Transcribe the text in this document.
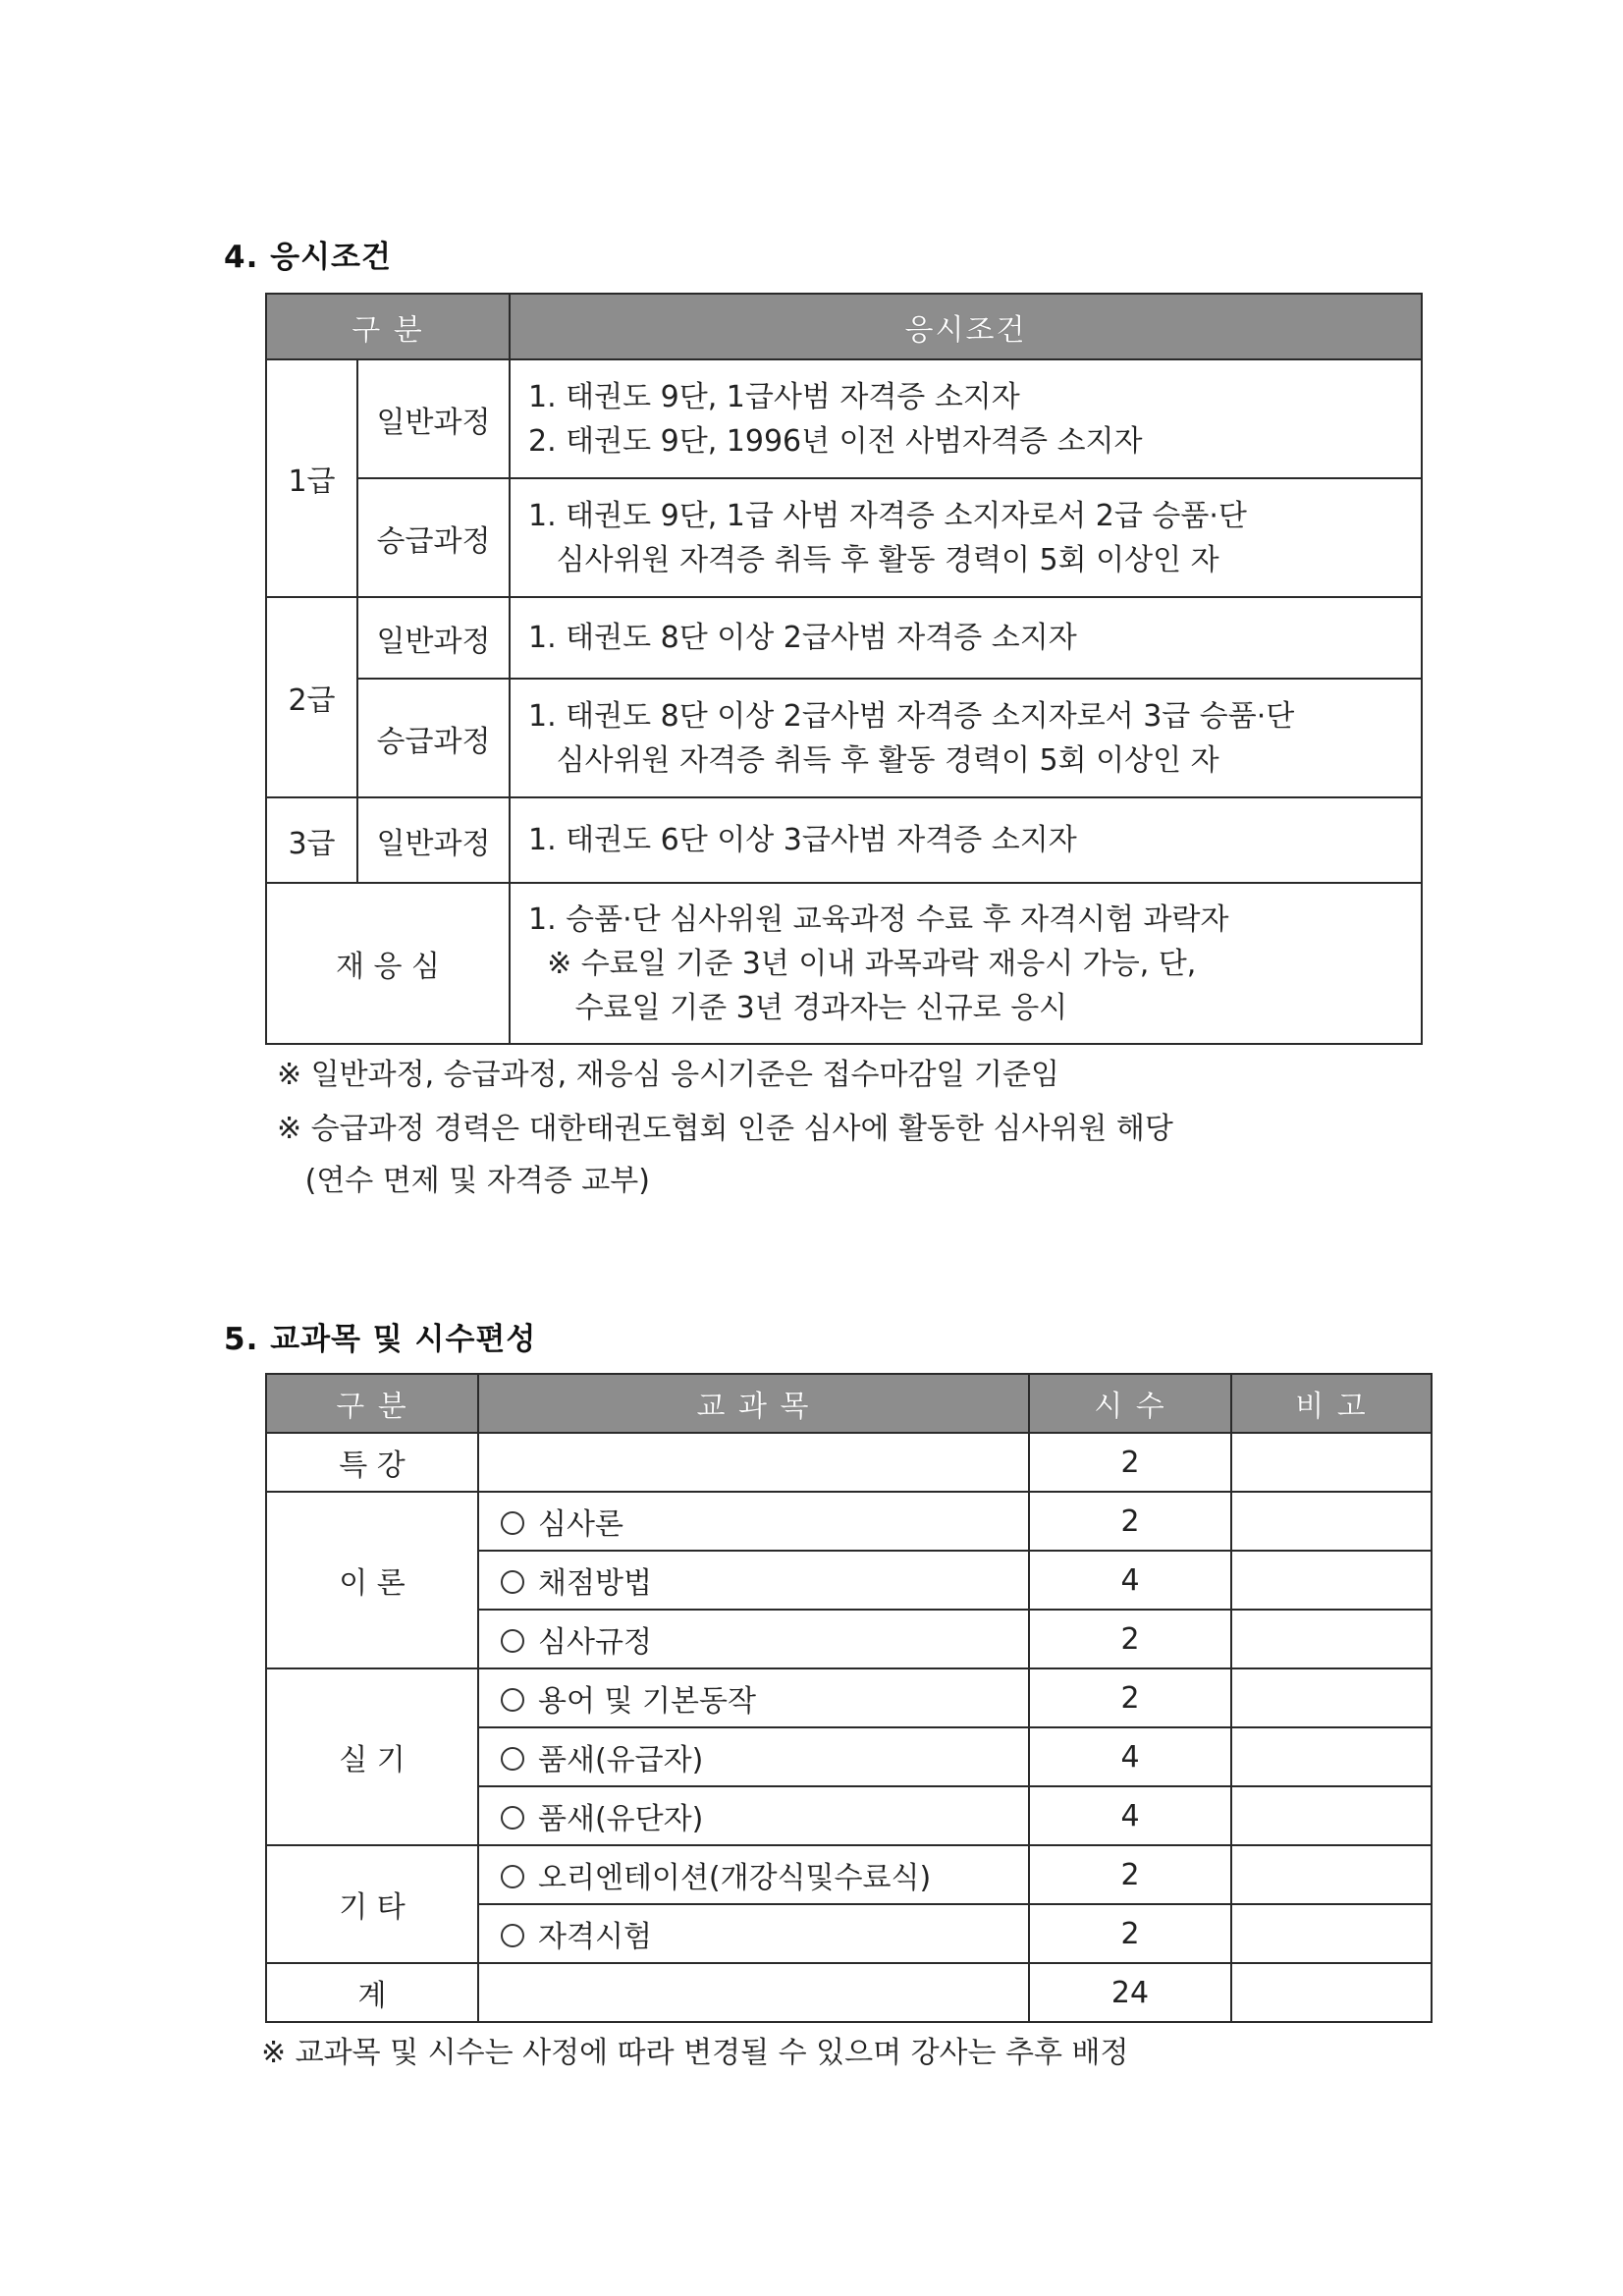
4. 응시조건
구 분		응시조건
1급	일반과정	1. 태권도 9단, 1급사범 자격증 소지자
2. 태권도 9단, 1996년 이전 사범자격증 소지자

	승급과정	1. 태권도 9단, 1급 사범 자격증 소지자로서 2급 승품·단
심사위원 자격증 취득 후 활동 경력이 5회 이상인 자

2급	일반과정	1. 태권도 8단 이상 2급사범 자격증 소지자

	승급과정	1. 태권도 8단 이상 2급사범 자격증 소지자로서 3급 승품·단
심사위원 자격증 취득 후 활동 경력이 5회 이상인 자

3급	일반과정	1. 태권도 6단 이상 3급사범 자격증 소지자

재 응 심		1. 승품·단 심사위원 교육과정 수료 후 자격시험 과락자
※ 수료일 기준 3년 이내 과목과락 재응시 가능, 단,
수료일 기준 3년 경과자는 신규로 응시
※ 일반과정, 승급과정, 재응심 응시기준은 접수마감일 기준임
※ 승급과정 경력은 대한태권도협회 인준 심사에 활동한 심사위원 해당
(연수 면제 및 자격증 교부)
5. 교과목 및 시수편성
구 분	교 과 목	시 수	비 고
특 강		2	
이 론	심사론	2	
	채점방법	4	
	심사규정	2	
실 기	용어 및 기본동작	2	
	품새(유급자)	4	
	품새(유단자)	4	
기 타	오리엔테이션(개강식및수료식)	2	
	자격시험	2	
계		24	
※ 교과목 및 시수는 사정에 따라 변경될 수 있으며 강사는 추후 배정
